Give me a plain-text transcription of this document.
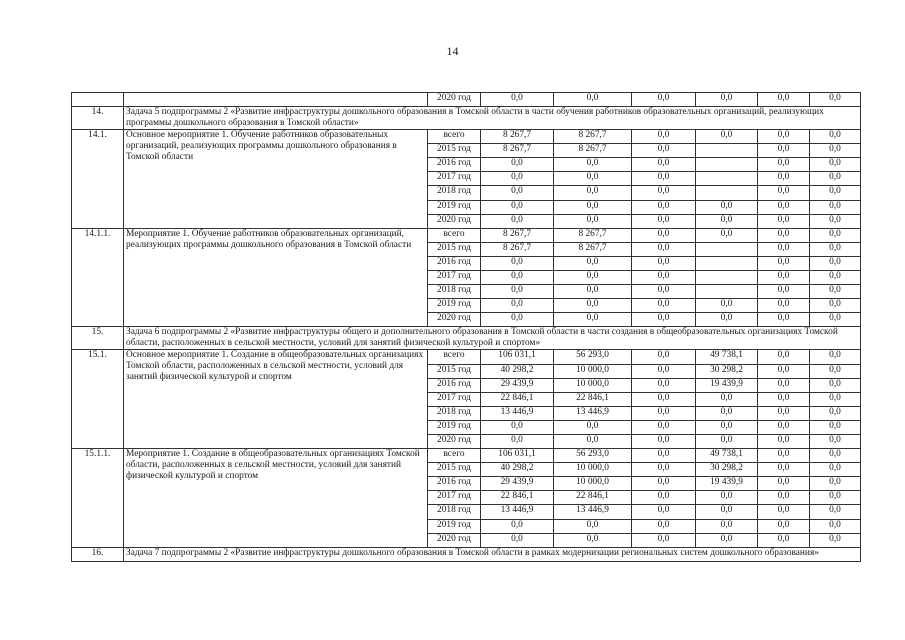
14
		2020 год	0,0	0,0	0,0	0,0	0,0	0,0
14.	Задача 5 подпрограммы 2 «Развитие инфраструктуры дошкольного образования в Томской области в части обучения работников образовательных организаций, реализующих программы дошкольного образования в Томской области»							
14.1.	Основное мероприятие 1. Обучение работников образовательных организаций, реализующих программы дошкольного образования в Томской области	всего	8 267,7	8 267,7	0,0	0,0	0,0	0,0
		2015 год	8 267,7	8 267,7	0,0		0,0	0,0
		2016 год	0,0	0,0	0,0		0,0	0,0
		2017 год	0,0	0,0	0,0		0,0	0,0
		2018 год	0,0	0,0	0,0		0,0	0,0
		2019 год	0,0	0,0	0,0	0,0	0,0	0,0
		2020 год	0,0	0,0	0,0	0,0	0,0	0,0
14.1.1.	Мероприятие 1. Обучение работников образовательных организаций, реализующих программы дошкольного образования в Томской области	всего	8 267,7	8 267,7	0,0	0,0	0,0	0,0
		2015 год	8 267,7	8 267,7	0,0		0,0	0,0
		2016 год	0,0	0,0	0,0		0,0	0,0
		2017 год	0,0	0,0	0,0		0,0	0,0
		2018 год	0,0	0,0	0,0		0,0	0,0
		2019 год	0,0	0,0	0,0	0,0	0,0	0,0
		2020 год	0,0	0,0	0,0	0,0	0,0	0,0
15.	Задача 6 подпрограммы 2 «Развитие инфраструктуры общего и дополнительного образования в Томской области в части создания в общеобразовательных организациях Томской области, расположенных в сельской местности, условий для занятий физической культурой и спортом»							
15.1.	Основное мероприятие 1. Создание в общеобразовательных организациях Томской области, расположенных в сельской местности, условий для занятий физической культурой и спортом	всего	106 031,1	56 293,0	0,0	49 738,1	0,0	0,0
		2015 год	40 298,2	10 000,0	0,0	30 298,2	0,0	0,0
		2016 год	29 439,9	10 000,0	0,0	19 439,9	0,0	0,0
		2017 год	22 846,1	22 846,1	0,0	0,0	0,0	0,0
		2018 год	13 446,9	13 446,9	0,0	0,0	0,0	0,0
		2019 год	0,0	0,0	0,0	0,0	0,0	0,0
		2020 год	0,0	0,0	0,0	0,0	0,0	0,0
15.1.1.	Мероприятие 1. Создание в общеобразовательных организациях Томской области, расположенных в сельской местности, условий для занятий физической культурой и спортом	всего	106 031,1	56 293,0	0,0	49 738,1	0,0	0,0
		2015 год	40 298,2	10 000,0	0,0	30 298,2	0,0	0,0
		2016 год	29 439,9	10 000,0	0,0	19 439,9	0,0	0,0
		2017 год	22 846,1	22 846,1	0,0	0,0	0,0	0,0
		2018 год	13 446,9	13 446,9	0,0	0,0	0,0	0,0
		2019 год	0,0	0,0	0,0	0,0	0,0	0,0
		2020 год	0,0	0,0	0,0	0,0	0,0	0,0
16.	Задача 7 подпрограммы 2 «Развитие инфраструктуры дошкольного образования в Томской области в рамках модернизации региональных систем дошкольного образования»							
